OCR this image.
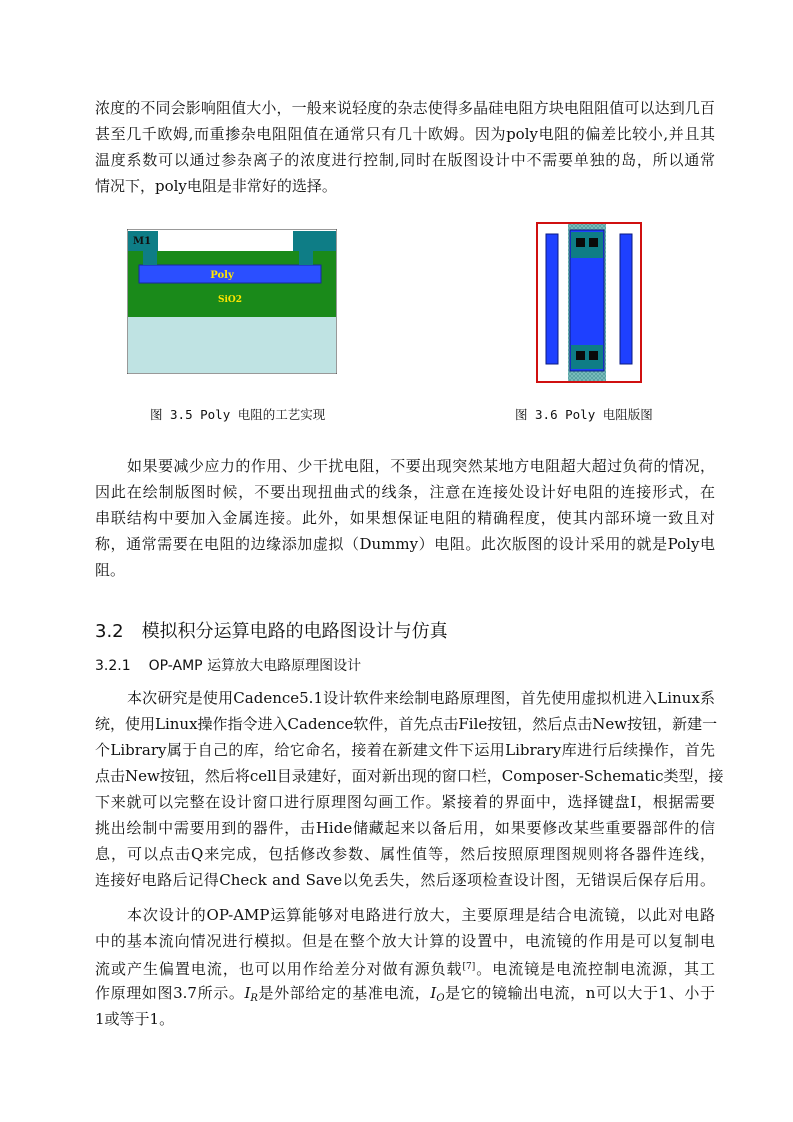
浓度的不同会影响阻值大小，一般来说轻度的杂志使得多晶硅电阻方块电阻阻值可以达到几百
甚至几千欧姆,而重掺杂电阻阻值在通常只有几十欧姆。因为poly电阻的偏差比较小,并且其
温度系数可以通过参杂离子的浓度进行控制,同时在版图设计中不需要单独的岛，所以通常
情况下，poly电阻是非常好的选择。
M1
Poly
SiO2
图 3.5 Poly 电阻的工艺实现	图 3.6 Poly 电阻版图
如果要减少应力的作用、少干扰电阻，不要出现突然某地方电阻超大超过负荷的情况，
因此在绘制版图时候，不要出现扭曲式的线条，注意在连接处设计好电阻的连接形式，在
串联结构中要加入金属连接。此外，如果想保证电阻的精确程度，使其内部环境一致且对
称，通常需要在电阻的边缘添加虚拟（Dummy）电阻。此次版图的设计采用的就是Poly电
阻。
3.2 模拟积分运算电路的电路图设计与仿真
3.2.1 OP-AMP 运算放大电路原理图设计
本次研究是使用Cadence5.1设计软件来绘制电路原理图，首先使用虚拟机进入Linux系
统，使用Linux操作指令进入Cadence软件，首先点击File按钮，然后点击New按钮，新建一
个Library属于自己的库，给它命名，接着在新建文件下运用Library库进行后续操作，首先
点击New按钮，然后将cell目录建好，面对新出现的窗口栏，Composer-Schematic类型，接
下来就可以完整在设计窗口进行原理图勾画工作。紧接着的界面中，选择键盘I，根据需要
挑出绘制中需要用到的器件，击Hide储藏起来以备后用，如果要修改某些重要器部件的信
息，可以点击Q来完成，包括修改参数、属性值等，然后按照原理图规则将各器件连线，
连接好电路后记得Check and Save以免丢失，然后逐项检查设计图，无错误后保存后用。
本次设计的OP-AMP运算能够对电路进行放大，主要原理是结合电流镜，以此对电路
中的基本流向情况进行模拟。但是在整个放大计算的设置中，电流镜的作用是可以复制电
流或产生偏置电流，也可以用作给差分对做有源负载[7]。电流镜是电流控制电流源，其工
作原理如图3.7所示。$I_R$是外部给定的基准电流，$I_O$是它的镜输出电流，n可以大于1、小于
1或等于1。
